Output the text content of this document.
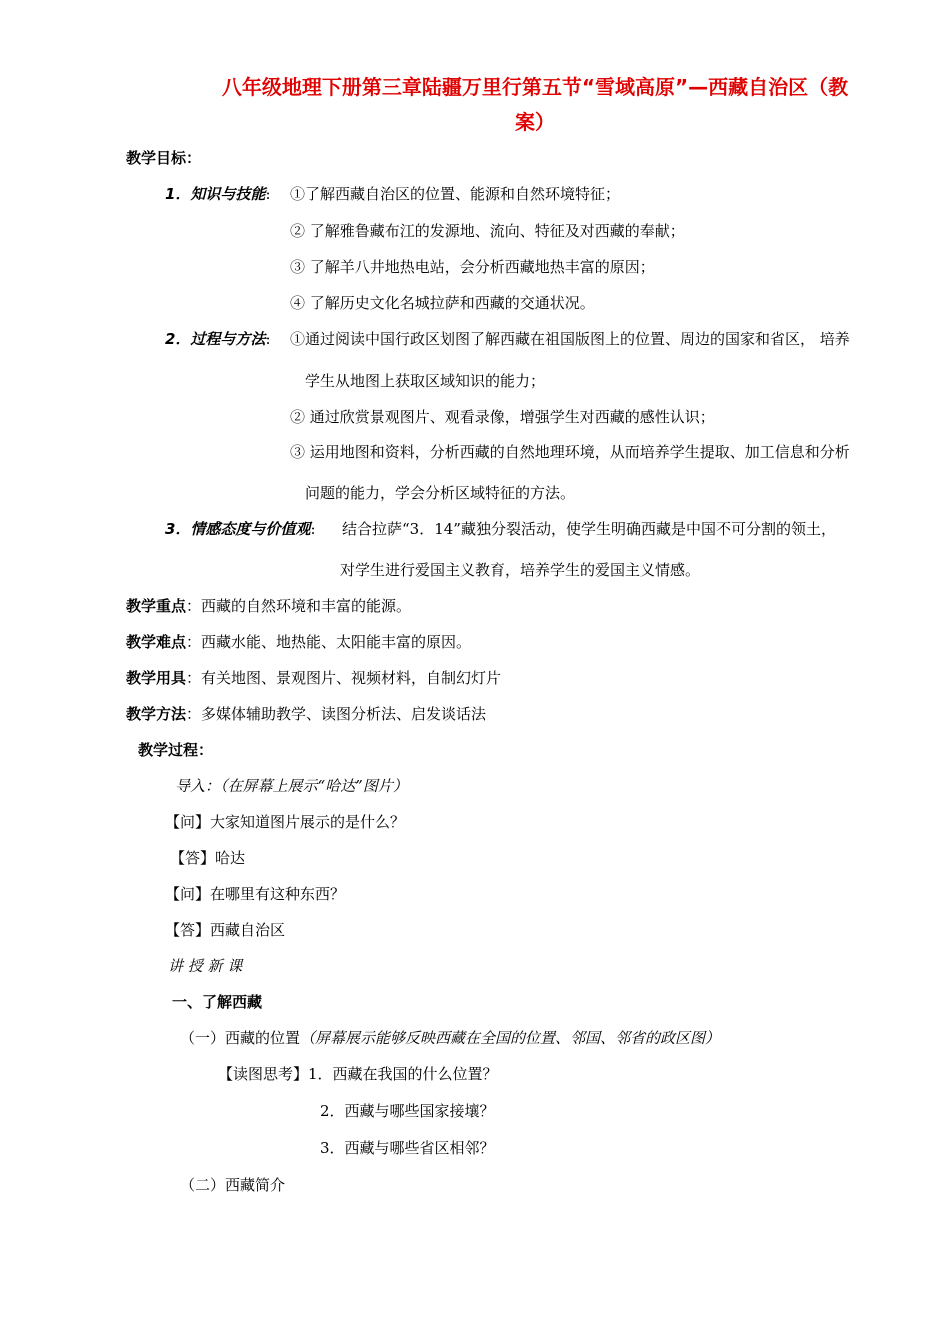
八年级地理下册第三章陆疆万里行第五节“雪域高原”—西藏自治区（教
案）
教学目标：
1．知识与技能: ①了解西藏自治区的位置、能源和自然环境特征；
② 了解雅鲁藏布江的发源地、流向、特征及对西藏的奉献；
③ 了解羊八井地热电站，会分析西藏地热丰富的原因；
④ 了解历史文化名城拉萨和西藏的交通状况。
2．过程与方法: ①通过阅读中国行政区划图了解西藏在祖国版图上的位置、周边的国家和省区， 培养
学生从地图上获取区域知识的能力；
② 通过欣赏景观图片、观看录像，增强学生对西藏的感性认识；
③ 运用地图和资料，分析西藏的自然地理环境，从而培养学生提取、加工信息和分析
问题的能力，学会分析区域特征的方法。
3．情感态度与价值观: 结合拉萨“3．14”藏独分裂活动，使学生明确西藏是中国不可分割的领土，
对学生进行爱国主义教育，培养学生的爱国主义情感。
教学重点：西藏的自然环境和丰富的能源。
教学难点：西藏水能、地热能、太阳能丰富的原因。
教学用具：有关地图、景观图片、视频材料，自制幻灯片
教学方法：多媒体辅助教学、读图分析法、启发谈话法
教学过程：
导入：（在屏幕上展示“哈达”图片）
【问】大家知道图片展示的是什么？
【答】哈达
【问】在哪里有这种东西？
【答】西藏自治区
讲 授 新 课
一、了解西藏
（一）西藏的位置（屏幕展示能够反映西藏在全国的位置、邻国、邻省的政区图）
【读图思考】1．西藏在我国的什么位置？
2．西藏与哪些国家接壤？
3．西藏与哪些省区相邻？
（二）西藏简介
